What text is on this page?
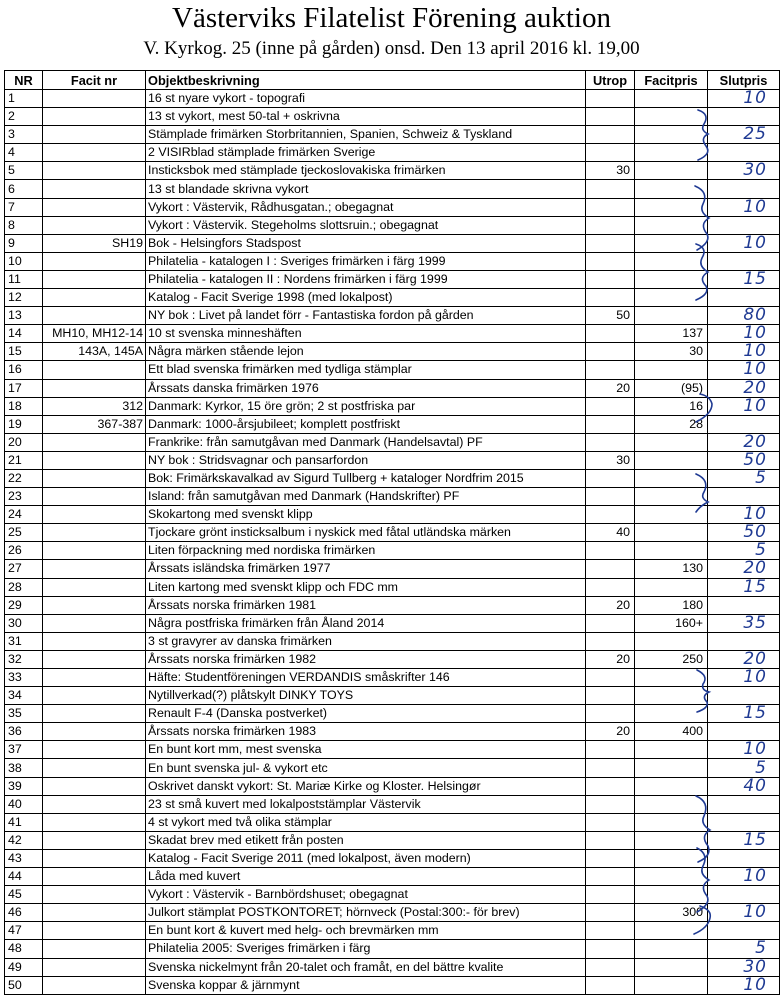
Västerviks Filatelist Förening auktion
V. Kyrkog. 25 (inne på gården) onsd. Den 13 april 2016 kl. 19,00
NR	Facit nr	Objektbeskrivning	Utrop	Facitpris	Slutpris
1		16 st nyare vykort - topografi			10
2		13 st vykort, mest 50-tal + oskrivna			
3		Stämplade frimärken Storbritannien, Spanien, Schweiz & Tyskland			25
4		2 VISIRblad stämplade frimärken Sverige			
5		Insticksbok med stämplade tjeckoslovakiska frimärken	30		30
6		13 st blandade skrivna vykort			
7		Vykort : Västervik, Rådhusgatan.; obegagnat			10
8		Vykort : Västervik. Stegeholms slottsruin.; obegagnat			
9	SH19	Bok - Helsingfors Stadspost			10
10		Philatelia - katalogen I : Sveriges frimärken i färg 1999			
11		Philatelia - katalogen II : Nordens frimärken i färg 1999			15
12		Katalog - Facit Sverige 1998 (med lokalpost)			
13		NY bok : Livet på landet förr - Fantastiska fordon på gården	50		80
14	MH10, MH12-14	10 st svenska minneshäften		137	10
15	143A, 145A	Några märken stående lejon		30	10
16		Ett blad svenska frimärken med tydliga stämplar			10
17		Årssats danska frimärken 1976	20	(95)	20
18	312	Danmark: Kyrkor, 15 öre grön; 2 st postfriska par		16	10
19	367-387	Danmark: 1000-årsjubileet; komplett postfriskt		28	
20		Frankrike: från samutgåvan med Danmark (Handelsavtal) PF			20
21		NY bok : Stridsvagnar och pansarfordon	30		50
22		Bok: Frimärkskavalkad av Sigurd Tullberg + kataloger Nordfrim 2015			5
23		Island: från samutgåvan med Danmark (Handskrifter) PF			
24		Skokartong med svenskt klipp			10
25		Tjockare grönt insticksalbum i nyskick med fåtal utländska märken	40		50
26		Liten förpackning med nordiska frimärken			5
27		Årssats isländska frimärken 1977		130	20
28		Liten kartong med svenskt klipp och FDC mm			15
29		Årssats norska frimärken 1981	20	180	
30		Några postfriska frimärken från Åland 2014		160+	35
31		3 st gravyrer av danska frimärken			
32		Årssats norska frimärken 1982	20	250	20
33		Häfte: Studentföreningen VERDANDIS småskrifter 146			10
34		Nytillverkad(?) plåtskylt DINKY TOYS			
35		Renault F-4 (Danska postverket)			15
36		Årssats norska frimärken 1983	20	400	
37		En bunt kort mm, mest svenska			10
38		En bunt svenska jul- & vykort etc			5
39		Oskrivet danskt vykort: St. Mariæ Kirke og Kloster. Helsingør			40
40		23 st små kuvert med lokalpoststämplar Västervik			
41		4 st vykort med två olika stämplar			
42		Skadat brev med etikett från posten			15
43		Katalog - Facit Sverige 2011 (med lokalpost, även modern)			
44		Låda med kuvert			10
45		Vykort : Västervik - Barnbördshuset; obegagnat			
46		Julkort stämplat POSTKONTORET; hörnveck (Postal:300:- för brev)		300	10
47		En bunt kort & kuvert med helg- och brevmärken mm			
48		Philatelia 2005: Sveriges frimärken i färg			5
49		Svenska nickelmynt från 20-talet och framåt, en del bättre kvalite			30
50		Svenska koppar & järnmynt			10
